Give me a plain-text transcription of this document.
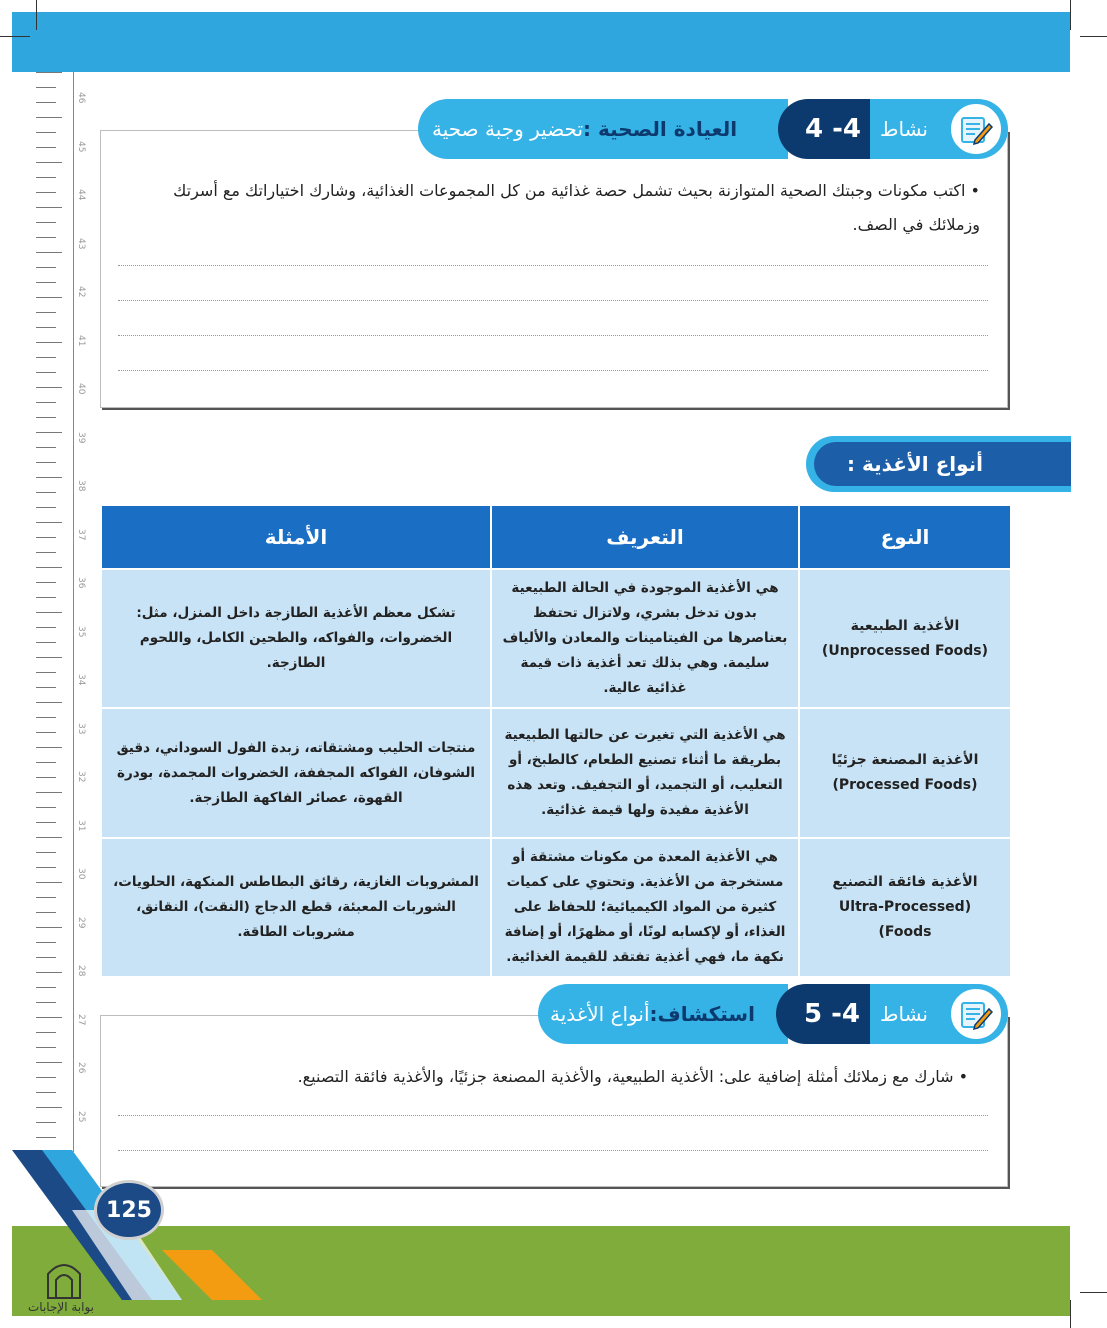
46
45
44
43
42
41
40
39
38
37
36
35
34
33
32
31
30
29
28
27
26
25
العيادة الصحية :
تحضير وجبة صحية	4 -4 نشاط
• اكتب مكونات وجبتك الصحية المتوازنة بحيث تشمل حصة غذائية من كل المجموعات الغذائية، وشارك اختياراتك مع أسرتك وزملائك في الصف.
أنواع الأغذية :
النوع	التعريف	الأمثلة

الأغذية الطبيعية
(Unprocessed Foods)	هي الأغذية الموجودة في الحالة الطبيعية بدون تدخل بشري، ولاتزال تحتفظ بعناصرها من الفيتامينات والمعادن والألياف سليمة. وهي بذلك تعد أغذية ذات قيمة غذائية عالية.	تشكل معظم الأغذية الطازجة داخل المنزل، مثل: الخضروات، والفواكه، والطحين الكامل، واللحوم الطازجة.

الأغذية المصنعة جزئيًا
(Processed Foods)	هي الأغذية التي تغيرت عن حالتها الطبيعية بطريقة ما أثناء تصنيع الطعام، كالطبخ، أو التعليب، أو التجميد، أو التجفيف. وتعد هذه الأغذية مفيدة ولها قيمة غذائية.	منتجات الحليب ومشتقاته، زبدة الفول السوداني، دقيق الشوفان، الفواكه المجففة، الخضروات المجمدة، بودرة القهوة، عصائر الفاكهة الطازجة.

الأغذية فائقة التصنيع
(Ultra-Processed Foods)	هي الأغذية المعدة من مكونات مشتقة أو مستخرجة من الأغذية. وتحتوي على كميات كثيرة من المواد الكيميائية؛ للحفاظ على الغذاء، أو لإكسابه لونًا، أو مظهرًا، أو إضافة نكهة ما، فهي أغذية تفتقد للقيمة الغذائية.	المشروبات الغازية، رقائق البطاطس المنكهة، الحلويات، الشوربات المعبئة، قطع الدجاج (النقت)، النقانق، مشروبات الطاقة.
استكشاف:
أنواع الأغذية	5 -4 نشاط
• شارك مع زملائك أمثلة إضافية على: الأغذية الطبيعية، والأغذية المصنعة جزئيًا، والأغذية فائقة التصنيع.
125
بوابة الإجابات
